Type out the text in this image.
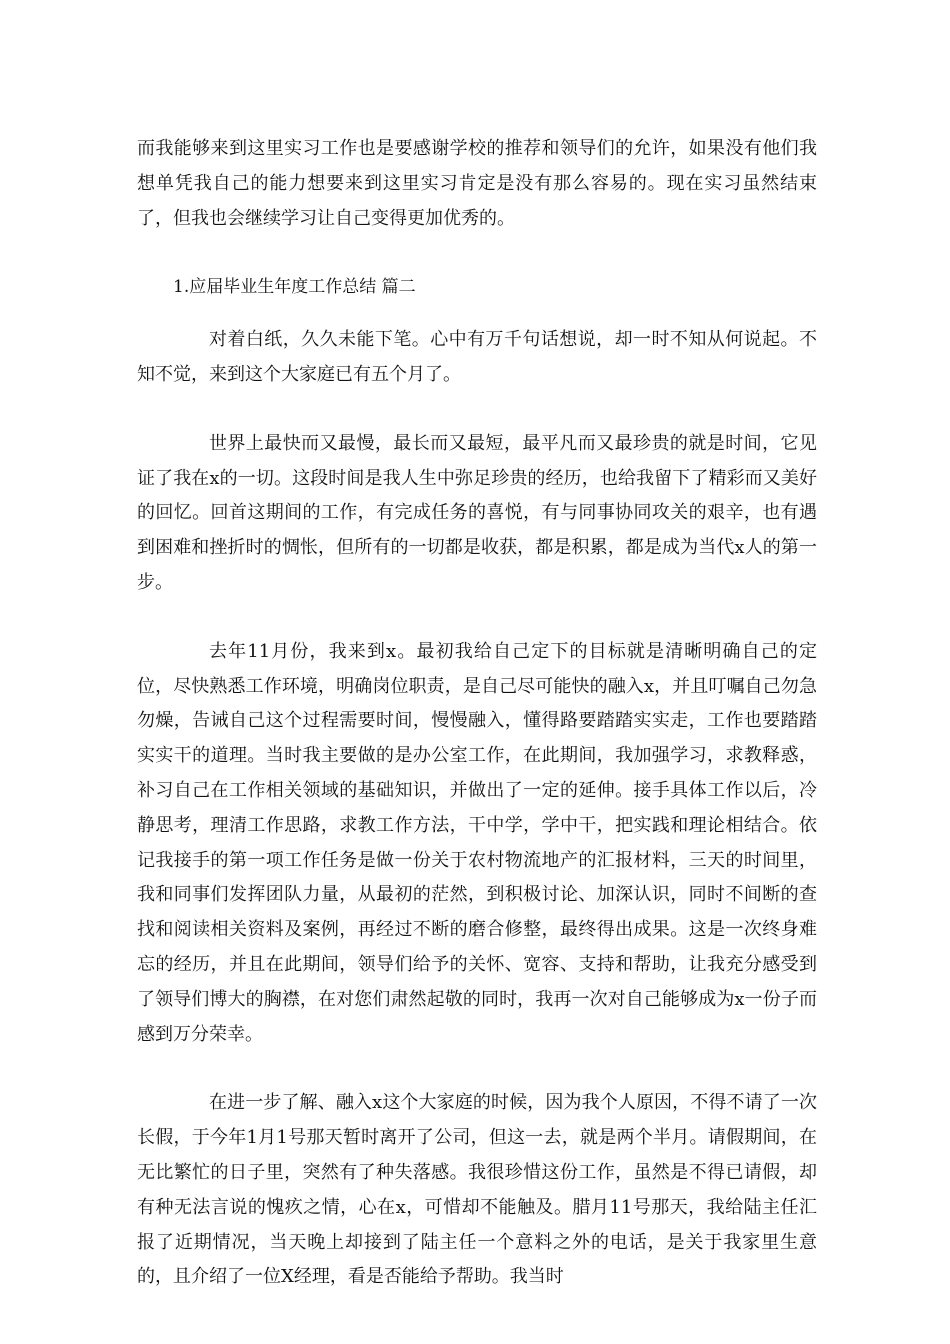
而我能够来到这里实习工作也是要感谢学校的推荐和领导们的允许，如果没有他们我想单凭我自己的能力想要来到这里实习肯定是没有那么容易的。现在实习虽然结束了，但我也会继续学习让自己变得更加优秀的。

1.应届毕业生年度工作总结 篇二

对着白纸，久久未能下笔。心中有万千句话想说，却一时不知从何说起。不知不觉，来到这个大家庭已有五个月了。

世界上最快而又最慢，最长而又最短，最平凡而又最珍贵的就是时间，它见证了我在x的一切。这段时间是我人生中弥足珍贵的经历，也给我留下了精彩而又美好的回忆。回首这期间的工作，有完成任务的喜悦，有与同事协同攻关的艰辛，也有遇到困难和挫折时的惆怅，但所有的一切都是收获，都是积累，都是成为当代x人的第一步。

去年11月份，我来到x。最初我给自己定下的目标就是清晰明确自己的定位，尽快熟悉工作环境，明确岗位职责，是自己尽可能快的融入x，并且叮嘱自己勿急勿燥，告诫自己这个过程需要时间，慢慢融入，懂得路要踏踏实实走，工作也要踏踏实实干的道理。当时我主要做的是办公室工作，在此期间，我加强学习，求教释惑，补习自己在工作相关领域的基础知识，并做出了一定的延伸。接手具体工作以后，冷静思考，理清工作思路，求教工作方法，干中学，学中干，把实践和理论相结合。依记我接手的第一项工作任务是做一份关于农村物流地产的汇报材料，三天的时间里，我和同事们发挥团队力量，从最初的茫然，到积极讨论、加深认识，同时不间断的查找和阅读相关资料及案例，再经过不断的磨合修整，最终得出成果。这是一次终身难忘的经历，并且在此期间，领导们给予的关怀、宽容、支持和帮助，让我充分感受到了领导们博大的胸襟，在对您们肃然起敬的同时，我再一次对自己能够成为x一份子而感到万分荣幸。

在进一步了解、融入x这个大家庭的时候，因为我个人原因，不得不请了一次长假，于今年1月1号那天暂时离开了公司，但这一去，就是两个半月。请假期间，在无比繁忙的日子里，突然有了种失落感。我很珍惜这份工作，虽然是不得已请假，却有种无法言说的愧疚之情，心在x，可惜却不能触及。腊月11号那天，我给陆主任汇报了近期情况，当天晚上却接到了陆主任一个意料之外的电话，是关于我家里生意的，且介绍了一位X经理，看是否能给予帮助。我当时
